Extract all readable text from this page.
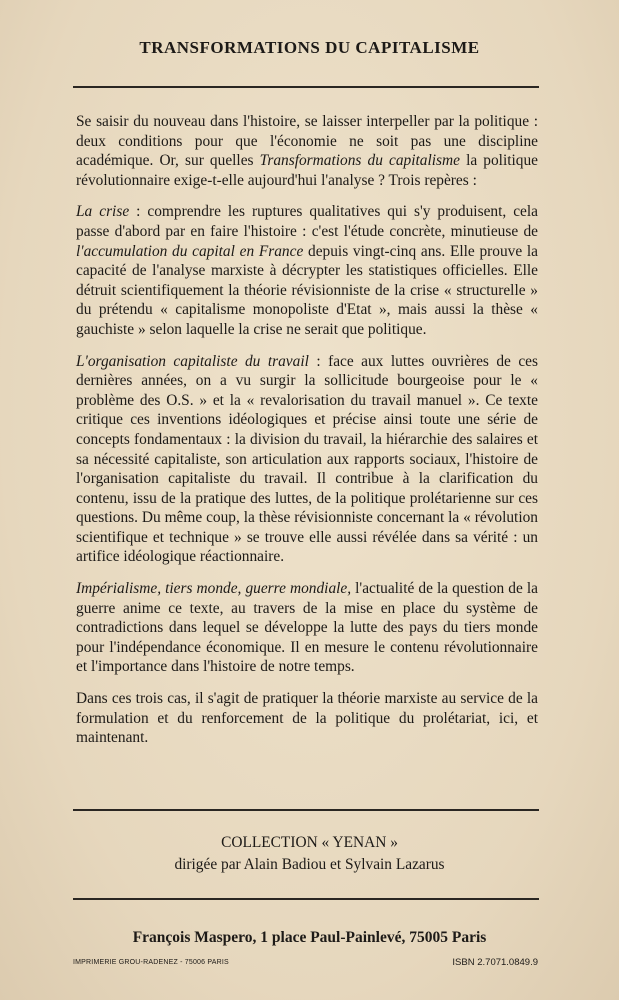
TRANSFORMATIONS DU CAPITALISME

Se saisir du nouveau dans l'histoire, se laisser interpeller par la politique : deux conditions pour que l'économie ne soit pas une discipline académique. Or, sur quelles Transformations du capitalisme la politique révolutionnaire exige-t-elle aujourd'hui l'analyse ? Trois repères :

La crise : comprendre les ruptures qualitatives qui s'y produisent, cela passe d'abord par en faire l'histoire : c'est l'étude concrète, minutieuse de l'accumulation du capital en France depuis vingt-cinq ans. Elle prouve la capacité de l'analyse marxiste à décrypter les statistiques officielles. Elle détruit scientifiquement la théorie révisionniste de la crise « structurelle » du prétendu « capitalisme monopoliste d'Etat », mais aussi la thèse « gauchiste » selon laquelle la crise ne serait que politique.

L'organisation capitaliste du travail : face aux luttes ouvrières de ces dernières années, on a vu surgir la sollicitude bourgeoise pour le « problème des O.S. » et la « revalorisation du travail manuel ». Ce texte critique ces inventions idéologiques et précise ainsi toute une série de concepts fondamentaux : la division du travail, la hiérarchie des salaires et sa nécessité capitaliste, son articulation aux rapports sociaux, l'histoire de l'organisation capitaliste du travail. Il contribue à la clarification du contenu, issu de la pratique des luttes, de la politique prolétarienne sur ces questions. Du même coup, la thèse révisionniste concernant la « révolution scientifique et technique » se trouve elle aussi révélée dans sa vérité : un artifice idéologique réactionnaire.

Impérialisme, tiers monde, guerre mondiale, l'actualité de la question de la guerre anime ce texte, au travers de la mise en place du système de contradictions dans lequel se développe la lutte des pays du tiers monde pour l'indépendance économique. Il en mesure le contenu révolutionnaire et l'importance dans l'histoire de notre temps.

Dans ces trois cas, il s'agit de pratiquer la théorie marxiste au service de la formulation et du renforcement de la politique du prolétariat, ici, et maintenant.

COLLECTION « YENAN »
dirigée par Alain Badiou et Sylvain Lazarus
François Maspero, 1 place Paul-Painlevé, 75005 Paris
IMPRIMERIE GROU-RADENEZ - 75006 PARIS	ISBN 2.7071.0849.9
